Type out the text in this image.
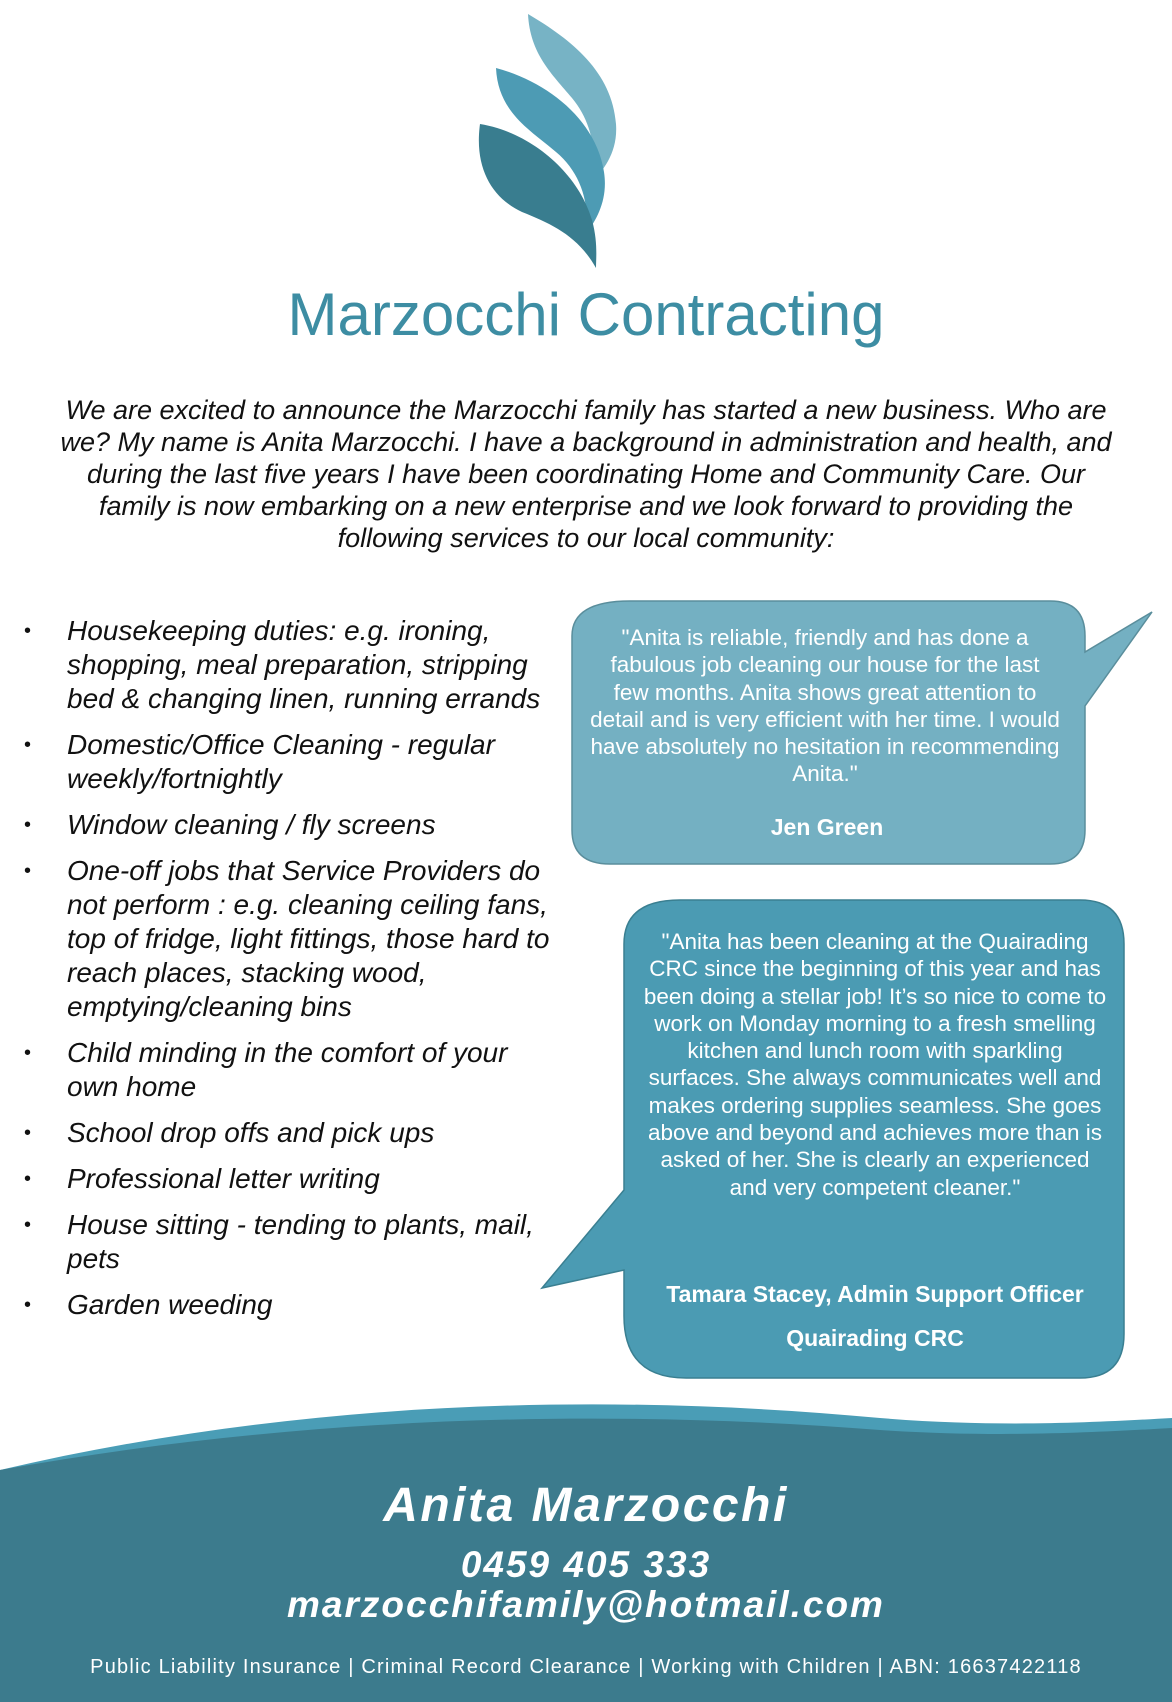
Marzocchi Contracting
We are excited to announce the Marzocchi family has started a new business. Who are we? My name is Anita Marzocchi. I have a background in administration and health, and during the last five years I have been coordinating Home and Community Care. Our family is now embarking on a new enterprise and we look forward to providing the following services to our local community:
• Housekeeping duties: e.g. ironing, shopping, meal preparation, stripping bed & changing linen, running errands
• Domestic/Office Cleaning - regular weekly/fortnightly
• Window cleaning / fly screens
• One-off jobs that Service Providers do not perform : e.g. cleaning ceiling fans, top of fridge, light fittings, those hard to reach places, stacking wood, emptying/cleaning bins
• Child minding in the comfort of your own home
• School drop offs and pick ups
• Professional letter writing
• House sitting - tending to plants, mail, pets
• Garden weeding
"Anita is reliable, friendly and has done a fabulous job cleaning our house for the last few months. Anita shows great attention to detail and is very efficient with her time. I would have absolutely no hesitation in recommending Anita."
Jen Green
"Anita has been cleaning at the Quairading CRC since the beginning of this year and has been doing a stellar job! It’s so nice to come to work on Monday morning to a fresh smelling kitchen and lunch room with sparkling surfaces. She always communicates well and makes ordering supplies seamless. She goes above and beyond and achieves more than is asked of her. She is clearly an experienced and very competent cleaner."
Tamara Stacey, Admin Support Officer Quairading CRC
Anita Marzocchi
0459 405 333
marzocchifamily@hotmail.com
Public Liability Insurance | Criminal Record Clearance | Working with Children | ABN: 16637422118
